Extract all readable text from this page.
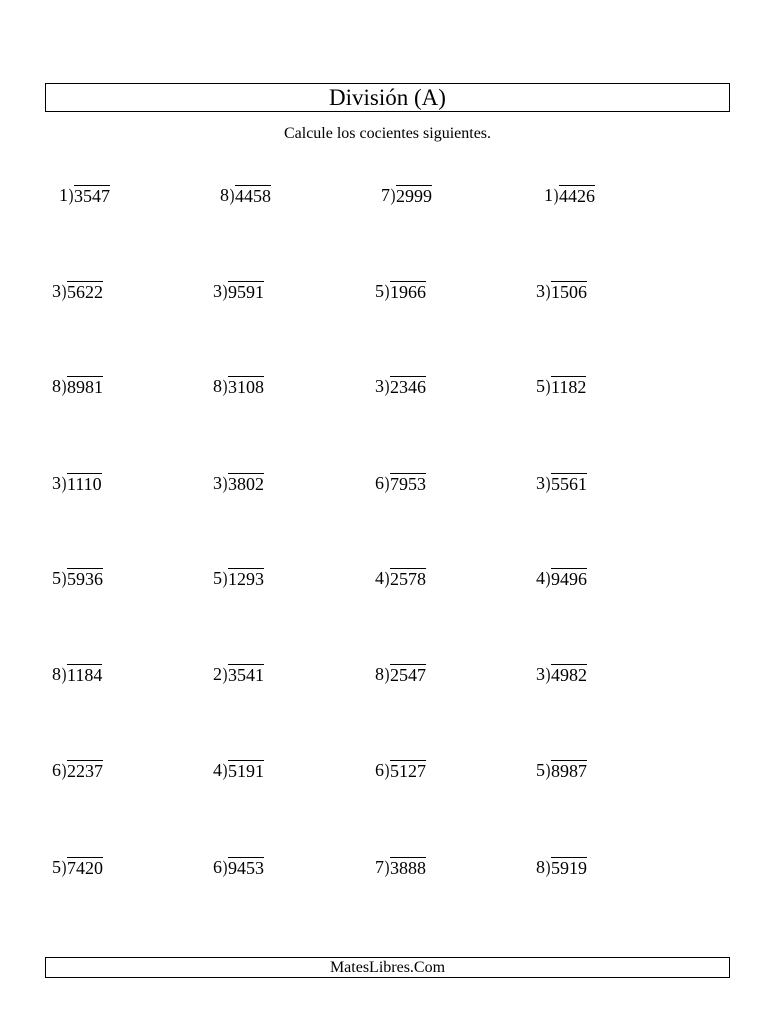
División (A)
Calcule los cocientes siguientes.
1 ) 3547	8 ) 4458	7 ) 2999	1 ) 4426
3 ) 5622	3 ) 9591	5 ) 1966	3 ) 1506
8 ) 8981	8 ) 3108	3 ) 2346	5 ) 1182
3 ) 1110	3 ) 3802	6 ) 7953	3 ) 5561
5 ) 5936	5 ) 1293	4 ) 2578	4 ) 9496
8 ) 1184	2 ) 3541	8 ) 2547	3 ) 4982
6 ) 2237	4 ) 5191	6 ) 5127	5 ) 8987
5 ) 7420	6 ) 9453	7 ) 3888	8 ) 5919
MatesLibres.Com
